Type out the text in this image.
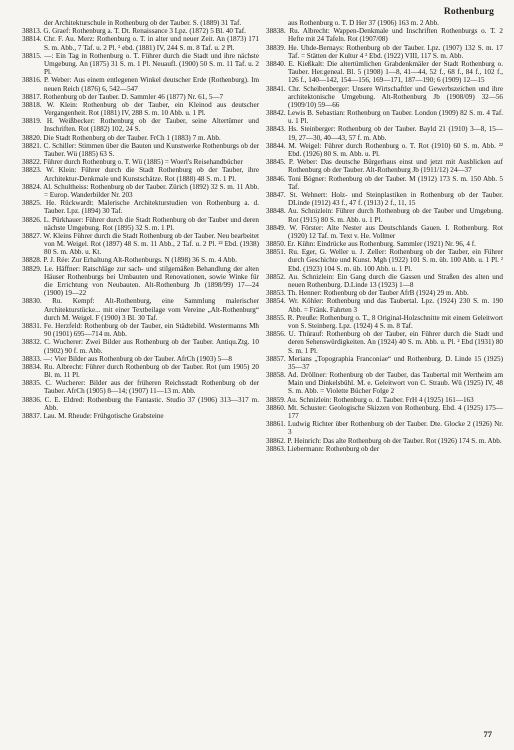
Rothenburg

der Architekturschule in Rothenburg ob der Tauber. S. (1889) 31 Taf.

38813. G. Graef: Rothenburg a. T. Dt. Renaissance 3 Lpz. (1872) 5 Bl. 40 Taf.

38814. Chr. F. Au. Merz: Rothenburg o. T. in alter und neuer Zeit. An (1873) 171 S. m. Abb., 7 Taf. u. 2 Pl. ² ebd. (1881) IV, 244 S. m. 8 Taf. u. 2 Pl.

38815. —: Ein Tag in Rothenburg o. T. Führer durch die Stadt und ihre nächste Umgebung. An (1875) 31 S. m. 1 Pl. Neuaufl. (1900) 50 S. m. 11 Taf. u. 2 Pl.

38816. P. Weber: Aus einem entlegenen Winkel deutscher Erde (Rothenburg). Im neuen Reich (1876) 6, 542—547

38817. Rothenburg ob der Tauber. D. Sammler 46 (1877) Nr. 61, 5—7

38818. W. Klein: Rothenburg ob der Tauber, ein Kleinod aus deutscher Vergangenheit. Rot (1881) IV, 288 S. m. 10 Abb. u. 1 Pl.

38819. H. Weißbecker: Rothenburg ob der Tauber, seine Altertümer und Inschriften. Rot (1882) 102, 24 S.

38820. Die Stadt Rothenburg ob der Tauber. FrCh 1 (1883) 7 m. Abb.

38821. C. Schiller: Stimmen über die Bauten und Kunstwerke Rothenburgs ob der Tauber. Wü (1885) 63 S.

38822. Führer durch Rothenburg o. T. Wü (1885) = Woerl's Reisehandbücher

38823. W. Klein: Führer durch die Stadt Rothenburg ob der Tauber, ihre Architektur-Denkmale und Kunstschätze. Rot (1888) 48 S. m. 1 Pl.

38824. Al. Schultheiss: Rothenburg ob der Tauber. Zürich (1892) 32 S. m. 11 Abb. = Europ. Wanderbilder Nr. 203

38825. He. Rückwardt: Malerische Architekturstudien von Rothenburg a. d. Tauber. Lpz. (1894) 30 Taf.

38826. L. Pürkhauer: Führer durch die Stadt Rothenburg ob der Tauber und deren nächste Umgebung. Rot (1895) 32 S. m. 1 Pl.

38827. W. Kleins Führer durch die Stadt Rothenburg ob der Tauber. Neu bearbeitet von M. Weigel. Rot (1897) 48 S. m. 11 Abb., 2 Taf. u. 2 Pl. ²² Ebd. (1938) 80 S. m. Abb. u. Kt.

38828. P. J. Rée: Zur Erhaltung Alt-Rothenburgs. N (1898) 36 S. m. 4 Abb.

38829. Le. Häffner: Ratschläge zur sach- und stilgemäßen Behandlung der alten Häuser Rothenburgs bei Umbauten und Renovationen, sowie Winke für die Errichtung von Neubauten. Alt-Rothenburg Jb (1898/99) 17—24 (1900) 19—22

38830. Ru. Kempf: Alt-Rothenburg, eine Sammlung malerischer Architekturstücke... mit einer Textbeilage vom Vereine „Alt-Rothenburg“ durch M. Weigel. F (1900) 3 Bl. 30 Taf.

38831. Fe. Herzfeld: Rothenburg ob der Tauber, ein Städtebild. Westermanns Mh 90 (1901) 695—714 m. Abb.

38832. C. Wucherer: Zwei Bilder aus Rothenburg ob der Tauber. Antiqu.Ztg. 10 (1902) 90 f. m. Abb.

38833. —: Vier Bilder aus Rothenburg ob der Tauber. AfrCh (1903) 5—8

38834. Ru. Albrecht: Führer durch Rothenburg ob der Tauber. Rot (um 1905) 20 Bl. m. 11 Pl.

38835. C. Wucherer: Bilder aus der früheren Reichsstadt Rothenburg ob der Tauber. AfrCh (1905) 8—14; (1907) 11—13 m. Abb.

38836. C. E. Eldred: Rothenburg the Fantastic. Studio 37 (1906) 313—317 m. Abb.

38837. Lau. M. Rheude: Frühgotische Grabsteine

aus Rothenburg o. T. D Her 37 (1906) 163 m. 2 Abb.

38838. Ru. Albrecht: Wappen-Denkmale und Inschriften Rothenburgs o. T. 2 Hefte mit 24 Tafeln. Rot (1907/08)

38839. He. Uhde-Bernays: Rothenburg ob der Tauber. Lpz. (1907) 132 S. m. 17 Taf. = Stätten der Kultur 4 ² Ebd. (1922) VIII, 117 S. m. Abb.

38840. E. Kießkalt: Die altertümlichen Grabdenkmäler der Stadt Rothenburg o. Tauber. Her.geneal. Bl. 5 (1908) 1—8, 41—44, 52 f., 68 f., 84 f., 102 f., 126 f., 140—142, 154—156, 169—171, 187—190; 6 (1909) 12—15

38841. Chr. Scheibenberger: Unsere Wirtschaftler und Gewerbszeichen und ihre architektonische Umgebung. Alt-Rothenburg Jb (1908/09) 32—56 (1909/10) 59—66

38842. Lewis B. Sebastian: Rothenburg on Tauber. London (1909) 82 S. m. 4 Taf. u. 1 Pl.

38843. Hs. Steinberger: Rothenburg ob der Tauber. Bayld 21 (1910) 3—8, 15—19, 27—30, 40—43, 57 f. m. Abb.

38844. M. Weigel: Führer durch Rothenburg o. T. Rot (1910) 60 S. m. Abb. ²² Ebd. (1926) 80 S. m. Abb. u. Pl.

38845. P. Weber: Das deutsche Bürgerhaus einst und jetzt mit Ausblicken auf Rothenburg ob der Tauber. Alt-Rothenburg Jb (1911/12) 24—37

38846. Toni Bögner: Rothenburg ob der Tauber. M (1912) 173 S. m. 150 Abb. 5 Taf.

38847. St. Wehnert: Holz- und Steinplastiken in Rothenburg ob der Tauber. DLinde (1912) 43 f., 47 f. (1913) 2 f., 11, 15

38848. Au. Schnizlein: Führer durch Rothenburg ob der Tauber und Umgebung. Rot (1915) 80 S. m. Abb. u. 1 Pl.

38849. W. Förster: Alte Nester aus Deutschlands Gauen. I. Rothenburg. Rot (1920) 12 Taf. m. Text v. He. Vollmer

38850. Er. Kühn: Eindrücke aus Rothenburg. Sammler (1921) Nr. 96, 4 f.

38851. Ru. Eger, G. Weller u. J. Zeller: Rothenburg ob der Tauber, ein Führer durch Geschichte und Kunst. Mgh (1922) 101 S. m. üb. 100 Abb. u. 1 Pl. ² Ebd. (1923) 104 S. m. üb. 100 Abb. u. 1 Pl.

38852. Au. Schnizlein: Ein Gang durch die Gassen und Straßen des alten und neuen Rothenburg. D.Linde 13 (1923) 1—8

38853. Th. Henner: Rothenburg ob der Tauber AfrB (1924) 29 m. Abb.

38854. Wr. Köhler: Rothenburg und das Taubertal. Lpz. (1924) 230 S. m. 190 Abb. = Fränk. Fahrten 3

38855. R. Preuße: Rothenburg o. T., 8 Original-Holzschnitte mit einem Geleitwort von S. Steinberg. Lpz. (1924) 4 S. m. 8 Taf.

38856. U. Thürauf: Rothenburg ob der Tauber, ein Führer durch die Stadt und deren Sehenswürdigkeiten. An (1924) 40 S. m. Abb. u. Pl. ² Ebd (1931) 80 S. m. 1 Pl.

38857. Merians „Topographia Franconiae“ und Rothenburg. D. Linde 15 (1925) 35—37

38858. Ad. Dröllner: Rothenburg ob der Tauber, das Taubertal mit Wertheim am Main und Dinkelsbühl. M. e. Geleitwort von C. Straub. Wü (1925) IV, 48 S. m. Abb. = Violette Bücher Folge 2

38859. Au. Schnizlein: Rothenburg o. d. Tauber. FrH 4 (1925) 161—163

38860. Mt. Schuster: Geologische Skizzen von Rothenburg. Ebd. 4 (1925) 175—177

38861. Ludwig Richter über Rothenburg ob der Tauber. Dte. Glocke 2 (1926) Nr. 3

38862. P. Heinrich: Das alte Rothenburg ob der Tauber. Rot (1926) 174 S. m. Abb.

38863. Liebermann: Rothenburg ob der

77
